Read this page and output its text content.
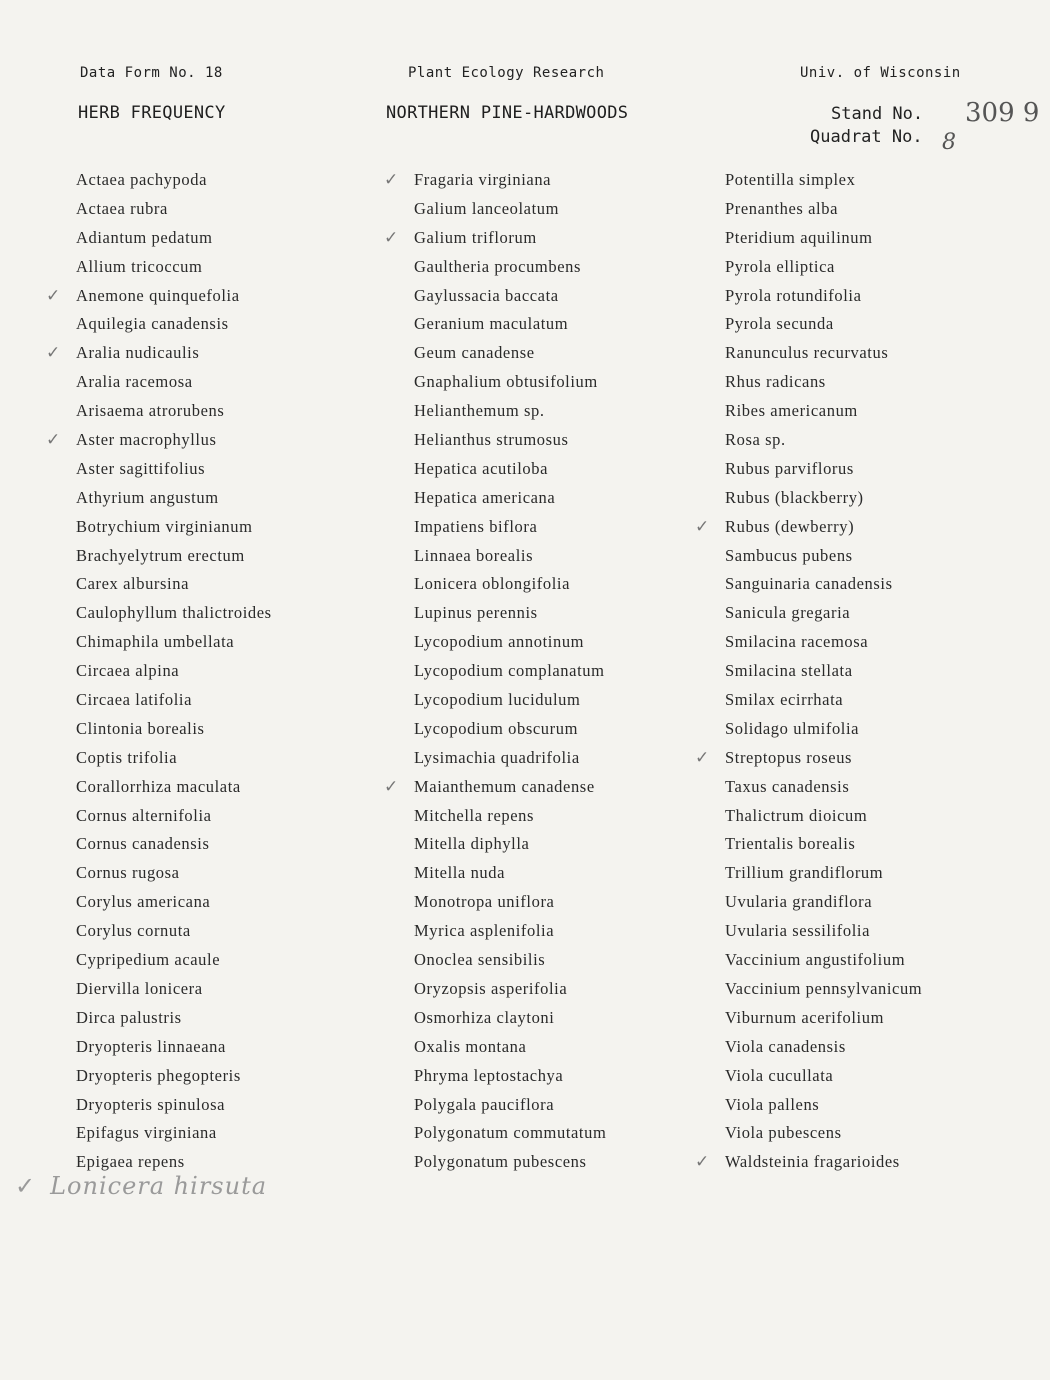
Data Form No. 18	Plant Ecology Research	Univ. of Wisconsin
HERB FREQUENCY	NORTHERN PINE-HARDWOODS	Stand No. 309 9
Quadrat No. 8
Actaea pachypoda
Actaea rubra
Adiantum pedatum
Allium tricoccum
✓ Anemone quinquefolia
Aquilegia canadensis
✓ Aralia nudicaulis
Aralia racemosa
Arisaema atrorubens
✓ Aster macrophyllus
Aster sagittifolius
Athyrium angustum
Botrychium virginianum
Brachyelytrum erectum
Carex albursina
Caulophyllum thalictroides
Chimaphila umbellata
Circaea alpina
Circaea latifolia
Clintonia borealis
Coptis trifolia
Corallorrhiza maculata
Cornus alternifolia
Cornus canadensis
Cornus rugosa
Corylus americana
Corylus cornuta
Cypripedium acaule
Diervilla lonicera
Dirca palustris
Dryopteris linnaeana
Dryopteris phegopteris
Dryopteris spinulosa
Epifagus virginiana
Epigaea repens
✓ Fragaria virginiana
Galium lanceolatum
✓ Galium triflorum
Gaultheria procumbens
Gaylussacia baccata
Geranium maculatum
Geum canadense
Gnaphalium obtusifolium
Helianthemum sp.
Helianthus strumosus
Hepatica acutiloba
Hepatica americana
Impatiens biflora
Linnaea borealis
Lonicera oblongifolia
Lupinus perennis
Lycopodium annotinum
Lycopodium complanatum
Lycopodium lucidulum
Lycopodium obscurum
Lysimachia quadrifolia
✓ Maianthemum canadense
Mitchella repens
Mitella diphylla
Mitella nuda
Monotropa uniflora
Myrica asplenifolia
Onoclea sensibilis
Oryzopsis asperifolia
Osmorhiza claytoni
Oxalis montana
Phryma leptostachya
Polygala pauciflora
Polygonatum commutatum
Polygonatum pubescens
Potentilla simplex
Prenanthes alba
Pteridium aquilinum
Pyrola elliptica
Pyrola rotundifolia
Pyrola secunda
Ranunculus recurvatus
Rhus radicans
Ribes americanum
Rosa sp.
Rubus parviflorus
Rubus (blackberry)
✓ Rubus (dewberry)
Sambucus pubens
Sanguinaria canadensis
Sanicula gregaria
Smilacina racemosa
Smilacina stellata
Smilax ecirrhata
Solidago ulmifolia
✓ Streptopus roseus
Taxus canadensis
Thalictrum dioicum
Trientalis borealis
Trillium grandiflorum
Uvularia grandiflora
Uvularia sessilifolia
Vaccinium angustifolium
Vaccinium pennsylvanicum
Viburnum acerifolium
Viola canadensis
Viola cucullata
Viola pallens
Viola pubescens
✓ Waldsteinia fragarioides
✓ Lonicera hirsuta
